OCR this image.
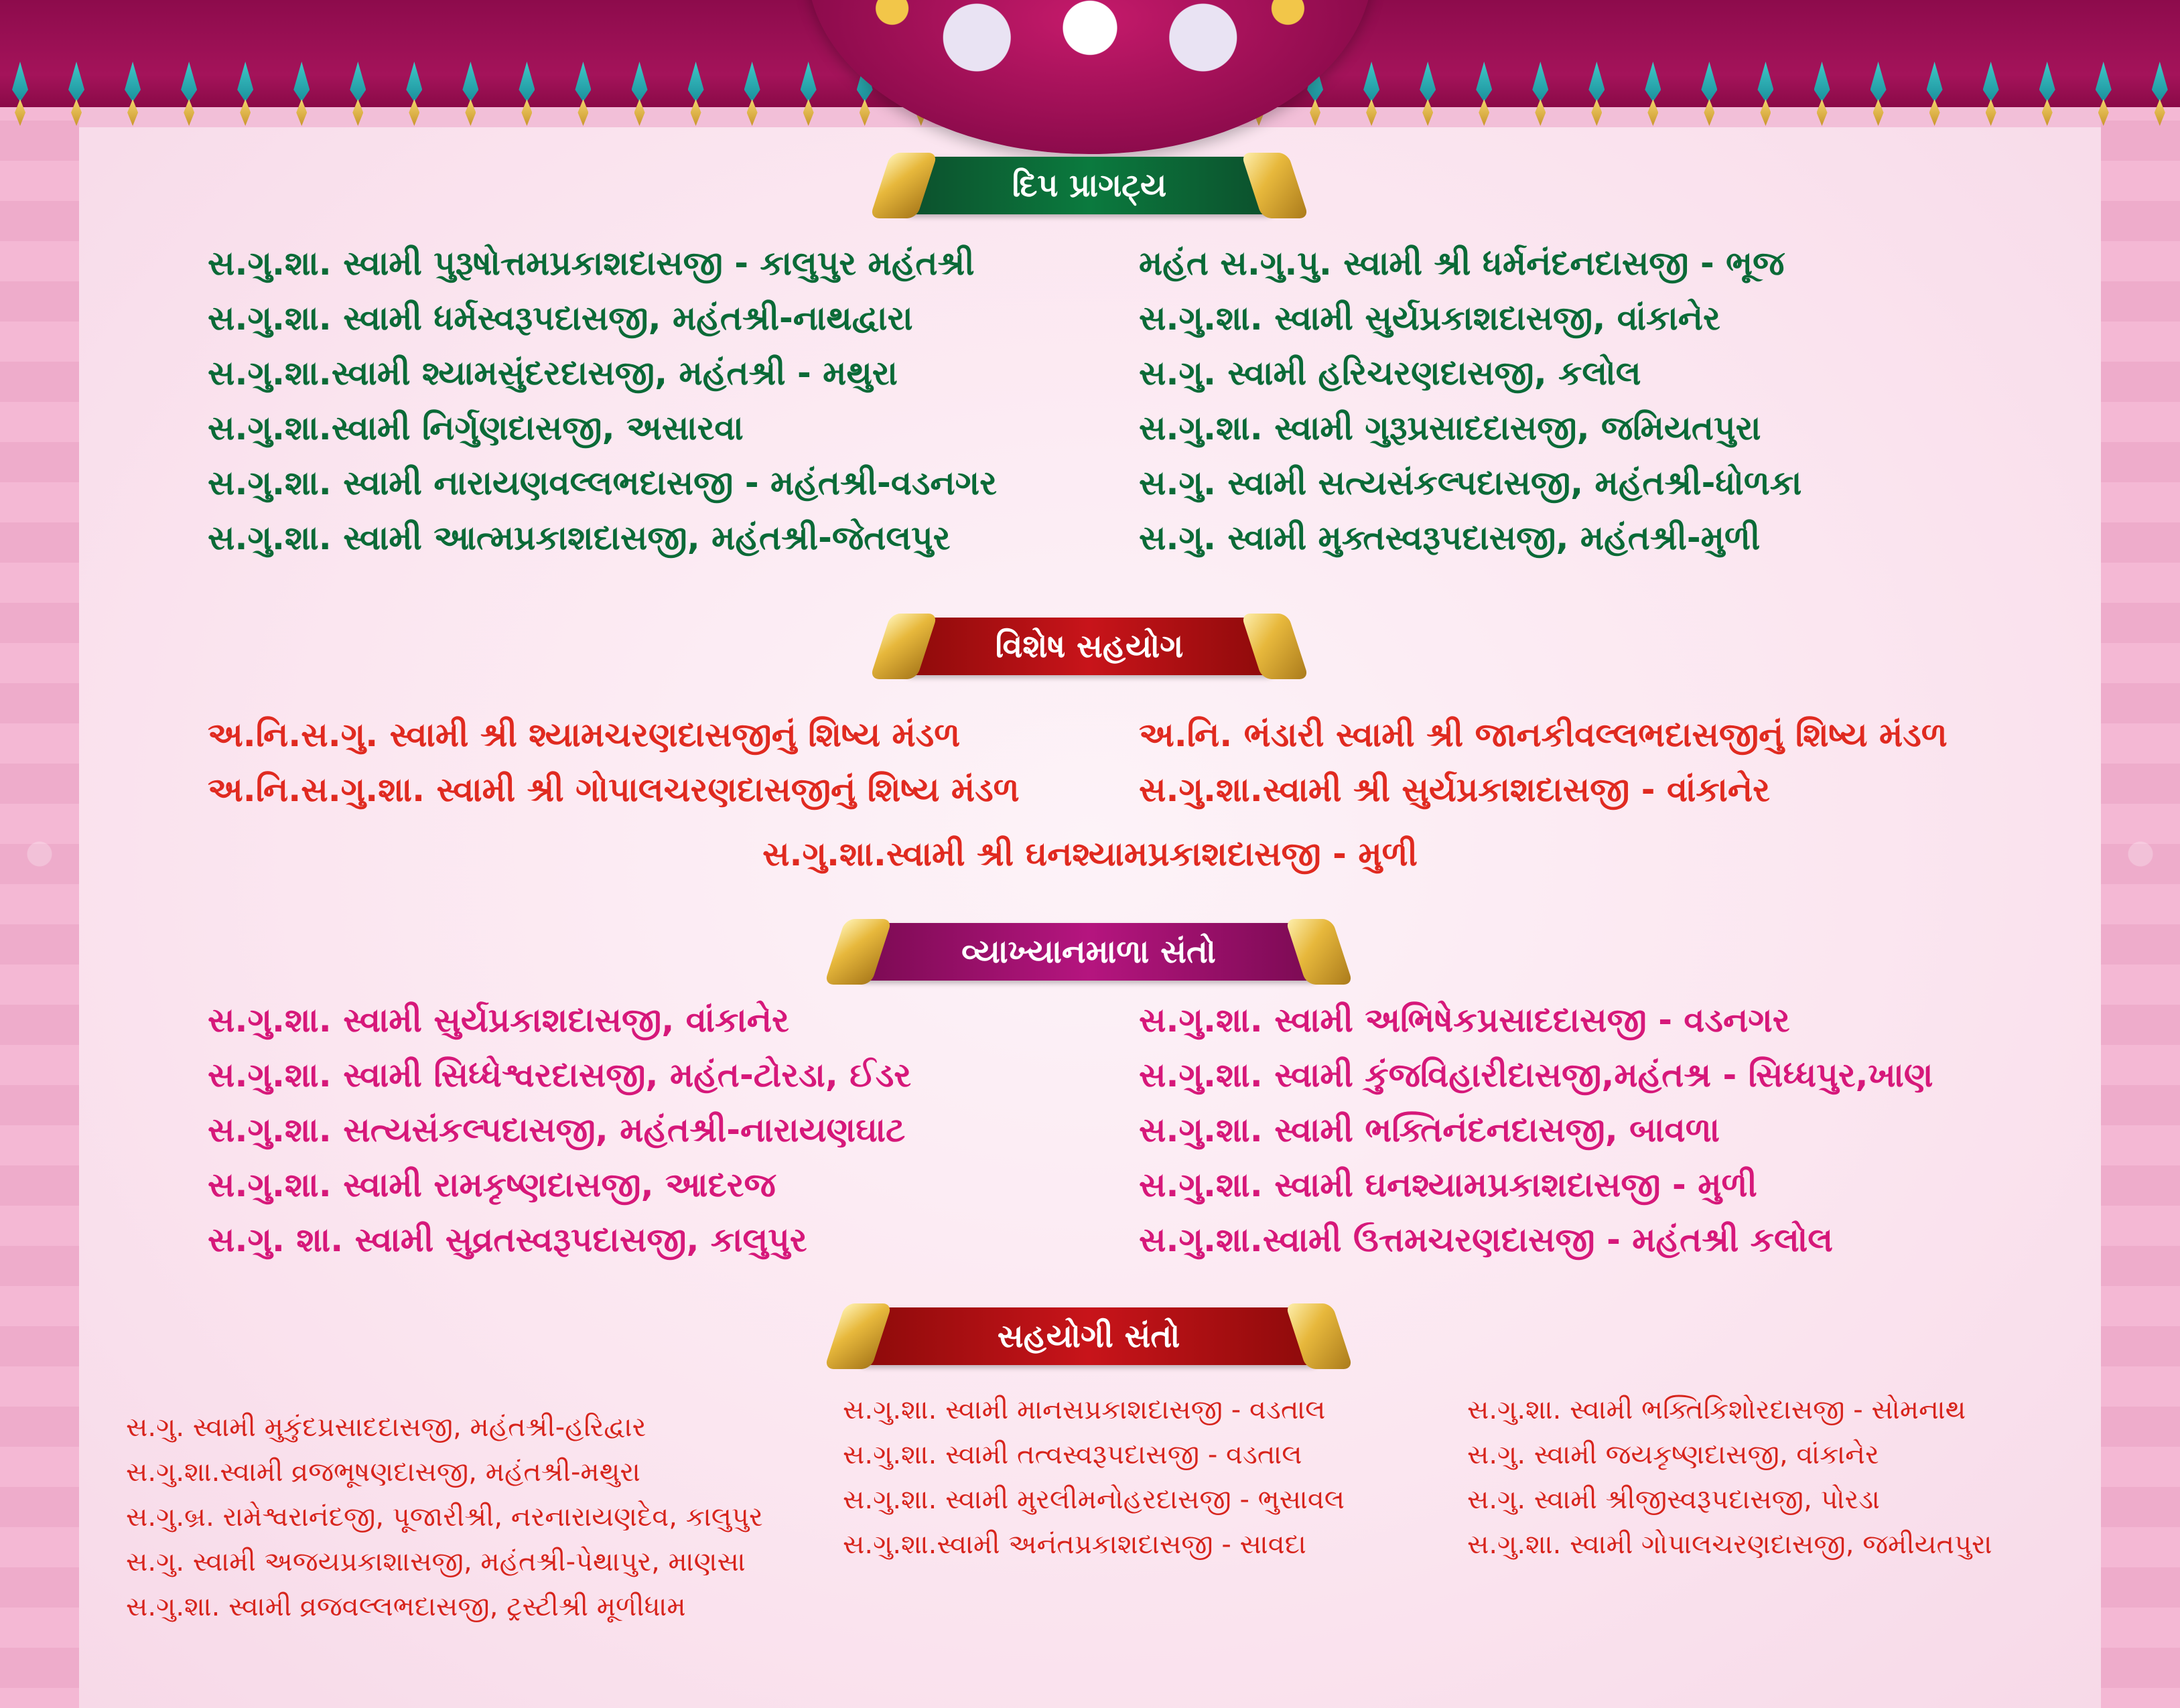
દિપ પ્રાગટ્ય
સ.ગુ.શા. સ્વામી પુરૂષોત્તમપ્રકાશદાસજી - કાલુપુર મહંતશ્રી
સ.ગુ.શા. સ્વામી ધર્મસ્વરૂપદાસજી, મહંતશ્રી-નાથદ્વારા
સ.ગુ.શા.સ્વામી શ્યામસુંદરદાસજી, મહંતશ્રી - મથુરા
સ.ગુ.શા.સ્વામી નિર્ગુણદાસજી, અસારવા
સ.ગુ.શા. સ્વામી નારાયણવલ્લભદાસજી - મહંતશ્રી-વડનગર
સ.ગુ.શા. સ્વામી આત્મપ્રકાશદાસજી, મહંતશ્રી-જેતલપુર
મહંત સ.ગુ.પુ. સ્વામી શ્રી ધર્મનંદનદાસજી - ભૂજ
સ.ગુ.શા. સ્વામી સુર્યપ્રકાશદાસજી, વાંકાનેર
સ.ગુ. સ્વામી હરિચરણદાસજી, કલોલ
સ.ગુ.શા. સ્વામી ગુરૂપ્રસાદદાસજી, જમિયતપુરા
સ.ગુ. સ્વામી સત્યસંકલ્પદાસજી, મહંતશ્રી-ધોળકા
સ.ગુ. સ્વામી મુક્તસ્વરૂપદાસજી, મહંતશ્રી-મુળી
વિશેષ સહયોગ
અ.નિ.સ.ગુ. સ્વામી શ્રી શ્યામચરણદાસજીનું શિષ્ય મંડળ
અ.નિ.સ.ગુ.શા. સ્વામી શ્રી ગોપાલચરણદાસજીનું શિષ્ય મંડળ
અ.નિ. ભંડારી સ્વામી શ્રી જાનકીવલ્લભદાસજીનું શિષ્ય મંડળ
સ.ગુ.શા.સ્વામી શ્રી સુર્યપ્રકાશદાસજી - વાંકાનેર
સ.ગુ.શા.સ્વામી શ્રી ઘનશ્યામપ્રકાશદાસજી - મુળી
વ્યાખ્યાનમાળા સંતો
સ.ગુ.શા. સ્વામી સુર્યપ્રકાશદાસજી, વાંકાનેર
સ.ગુ.શા. સ્વામી સિધ્ધેશ્વરદાસજી, મહંત-ટોરડા, ઈડર
સ.ગુ.શા. સત્યસંકલ્પદાસજી, મહંતશ્રી-નારાયણઘાટ
સ.ગુ.શા. સ્વામી રામકૃષ્ણદાસજી, આદરજ
સ.ગુ. શા. સ્વામી સુવ્રતસ્વરૂપદાસજી, કાલુપુર
સ.ગુ.શા. સ્વામી અભિષેકપ્રસાદદાસજી - વડનગર
સ.ગુ.શા. સ્વામી કુંજવિહારીદાસજી,મહંતશ્ર - સિધ્ધપુર,ખાણ
સ.ગુ.શા. સ્વામી ભક્તિનંદનદાસજી, બાવળા
સ.ગુ.શા. સ્વામી ઘનશ્યામપ્રકાશદાસજી - મુળી
સ.ગુ.શા.સ્વામી ઉત્તમચરણદાસજી - મહંતશ્રી કલોલ
સહયોગી સંતો
સ.ગુ. સ્વામી મુકુંદપ્રસાદદાસજી, મહંતશ્રી-હરિદ્વાર
સ.ગુ.શા.સ્વામી વ્રજભૂષણદાસજી, મહંતશ્રી-મથુરા
સ.ગુ.બ્ર. રામેશ્વરાનંદજી, પૂજારીશ્રી, નરનારાયણદેવ, કાલુપુર
સ.ગુ. સ્વામી અજયપ્રકાશાસજી, મહંતશ્રી-પેથાપુર, માણસા
સ.ગુ.શા. સ્વામી વ્રજવલ્લભદાસજી, ટ્રસ્ટીશ્રી મૂળીધામ
સ.ગુ.શા. સ્વામી માનસપ્રકાશદાસજી - વડતાલ
સ.ગુ.શા. સ્વામી તત્વસ્વરૂપદાસજી - વડતાલ
સ.ગુ.શા. સ્વામી મુરલીમનોહરદાસજી - ભુસાવલ
સ.ગુ.શા.સ્વામી અનંતપ્રકાશદાસજી - સાવદા
સ.ગુ.શા. સ્વામી ભક્તિકિશોરદાસજી - સોમનાથ
સ.ગુ. સ્વામી જયકૃષ્ણદાસજી, વાંકાનેર
સ.ગુ. સ્વામી શ્રીજીસ્વરૂપદાસજી, પોરડા
સ.ગુ.શા. સ્વામી ગોપાલચરણદાસજી, જમીયતપુરા
